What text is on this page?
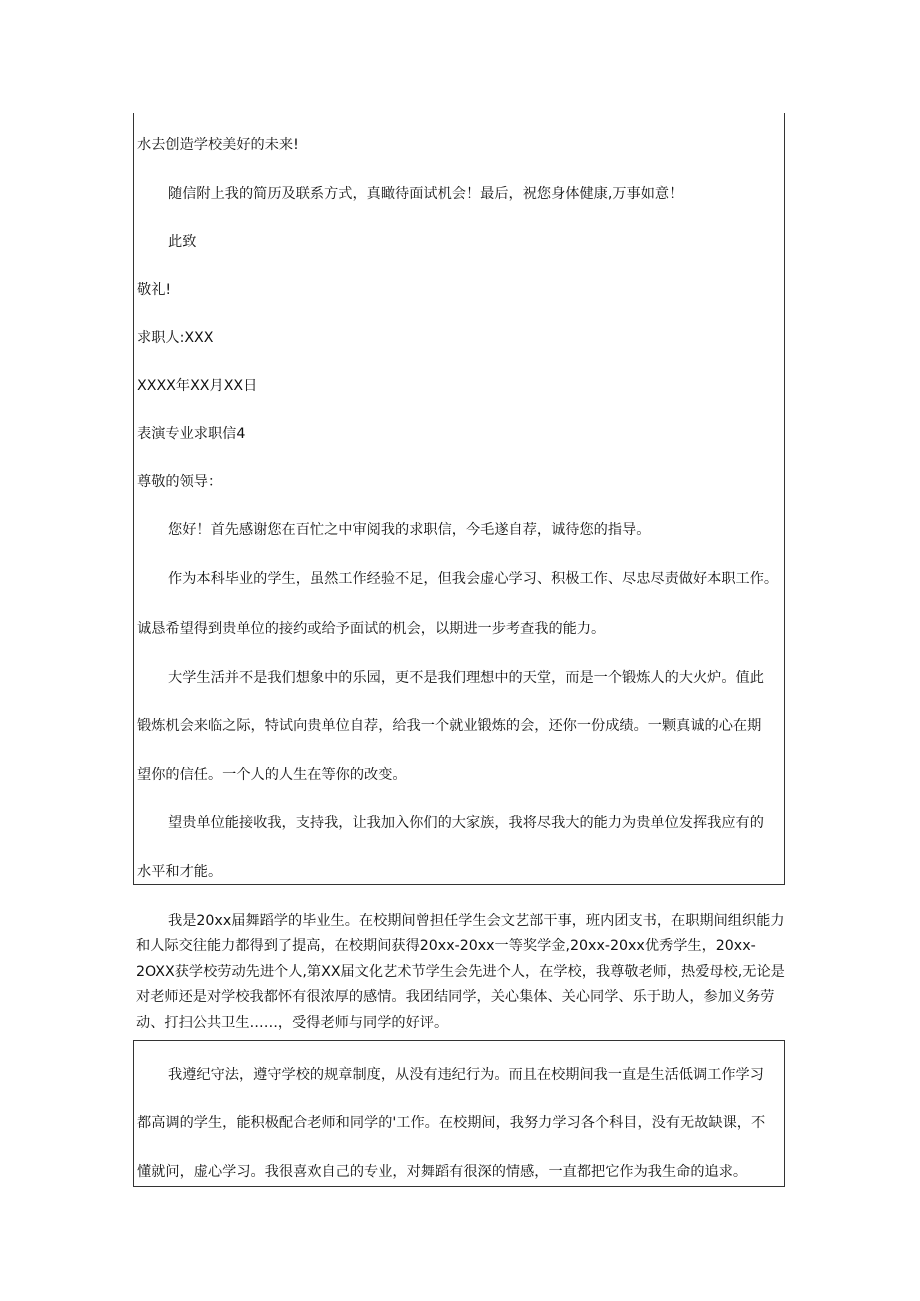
水去创造学校美好的未来!
随信附上我的简历及联系方式，真瞰待面试机会！最后，祝您身体健康,万事如意！
此致
敬礼!
求职人:XXX
XXXX年XX月XX日
表演专业求职信4
尊敬的领导：
您好！首先感谢您在百忙之中审阅我的求职信，今毛遂自荐，诚待您的指导。
作为本科毕业的学生，虽然工作经验不足，但我会虚心学习、积极工作、尽忠尽责做好本职工作。
诚恳希望得到贵单位的接约或给予面试的机会，以期进一步考查我的能力。
大学生活并不是我们想象中的乐园，更不是我们理想中的天堂，而是一个锻炼人的大火炉。值此
锻炼机会来临之际，特试向贵单位自荐，给我一个就业锻炼的会，还你一份成绩。一颗真诚的心在期
望你的信任。一个人的人生在等你的改变。
望贵单位能接收我，支持我，让我加入你们的大家族，我将尽我大的能力为贵单位发挥我应有的
水平和才能。
我是20xx届舞蹈学的毕业生。在校期间曾担任学生会文艺部干事，班内团支书，在职期间组织能力和人际交往能力都得到了提高，在校期间获得20xx-20xx一等奖学金,20xx-20xx优秀学生，20xx-2OXX获学校劳动先进个人,第XX届文化艺术节学生会先进个人，在学校，我尊敬老师，热爱母校,无论是对老师还是对学校我都怀有很浓厚的感情。我团结同学，关心集体、关心同学、乐于助人，参加义务劳动、打扫公共卫生……，受得老师与同学的好评。
我遵纪守法，遵守学校的规章制度，从没有违纪行为。而且在校期间我一直是生活低调工作学习
都高调的学生，能积极配合老师和同学的'工作。在校期间，我努力学习各个科目，没有无故缺课，不
懂就问，虚心学习。我很喜欢自己的专业，对舞蹈有很深的情感，一直都把它作为我生命的追求。
